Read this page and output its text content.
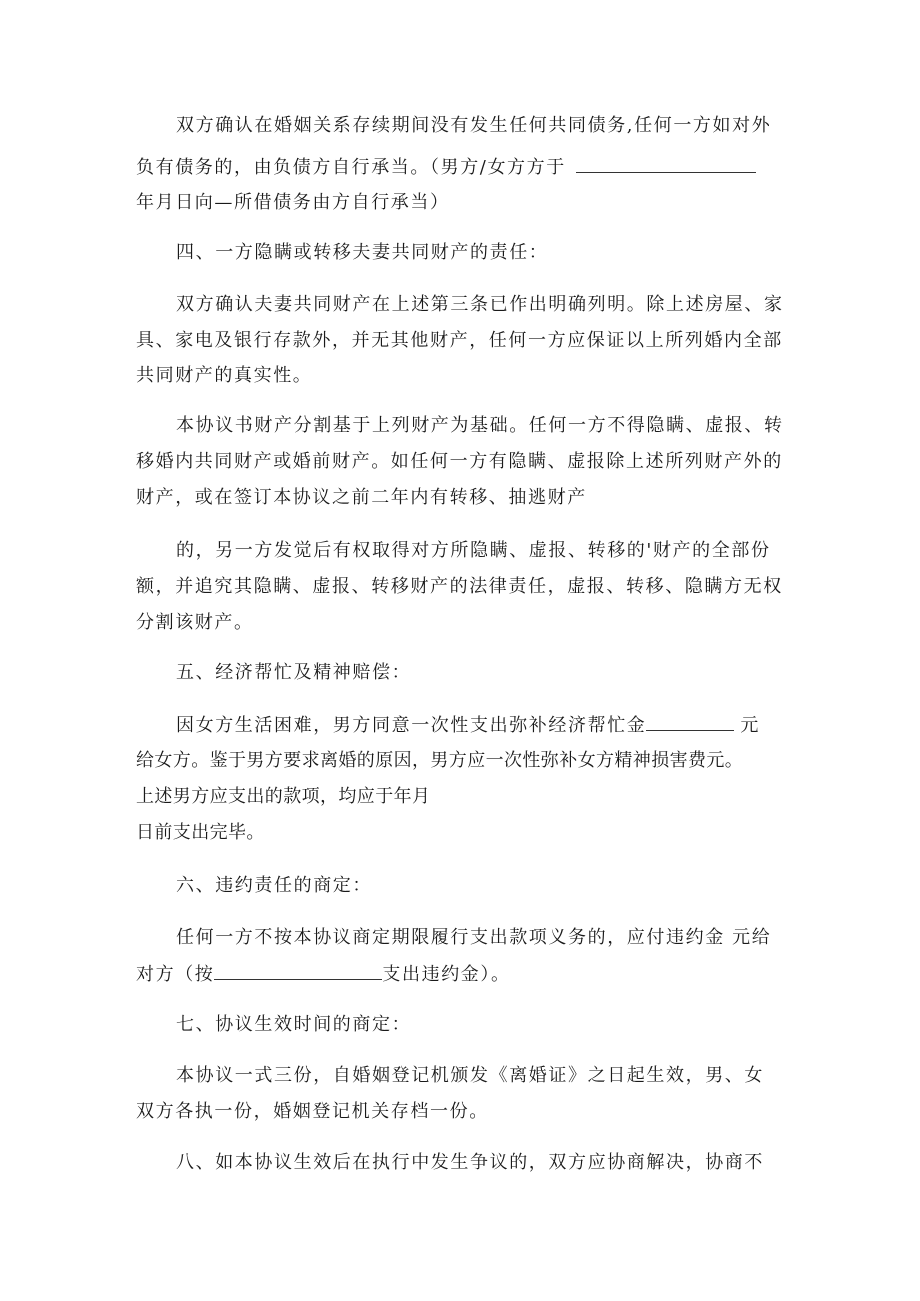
双方确认在婚姻关系存续期间没有发生任何共同债务,任何一方如对外
负有债务的，由负债方自行承当。（男方/女方方于
年月日向—所借债务由方自行承当）
四、一方隐瞒或转移夫妻共同财产的责任：
双方确认夫妻共同财产在上述第三条已作出明确列明。除上述房屋、家
具、家电及银行存款外，并无其他财产，任何一方应保证以上所列婚内全部
共同财产的真实性。
本协议书财产分割基于上列财产为基础。任何一方不得隐瞒、虚报、转
移婚内共同财产或婚前财产。如任何一方有隐瞒、虚报除上述所列财产外的
财产，或在签订本协议之前二年内有转移、抽逃财产
的，另一方发觉后有权取得对方所隐瞒、虚报、转移的'财产的全部份
额，并追究其隐瞒、虚报、转移财产的法律责任，虚报、转移、隐瞒方无权
分割该财产。
五、经济帮忙及精神赔偿：
因女方生活困难，男方同意一次性支出弥补经济帮忙金	元
给女方。鉴于男方要求离婚的原因，男方应一次性弥补女方精神损害费元。
上述男方应支出的款项，均应于年月
日前支出完毕。
六、违约责任的商定：
任何一方不按本协议商定期限履行支出款项义务的，应付违约金 元给
对方（按	支出违约金）。
七、协议生效时间的商定：
本协议一式三份，自婚姻登记机颁发《离婚证》之日起生效，男、女
双方各执一份，婚姻登记机关存档一份。
八、如本协议生效后在执行中发生争议的，双方应协商解决，协商不
